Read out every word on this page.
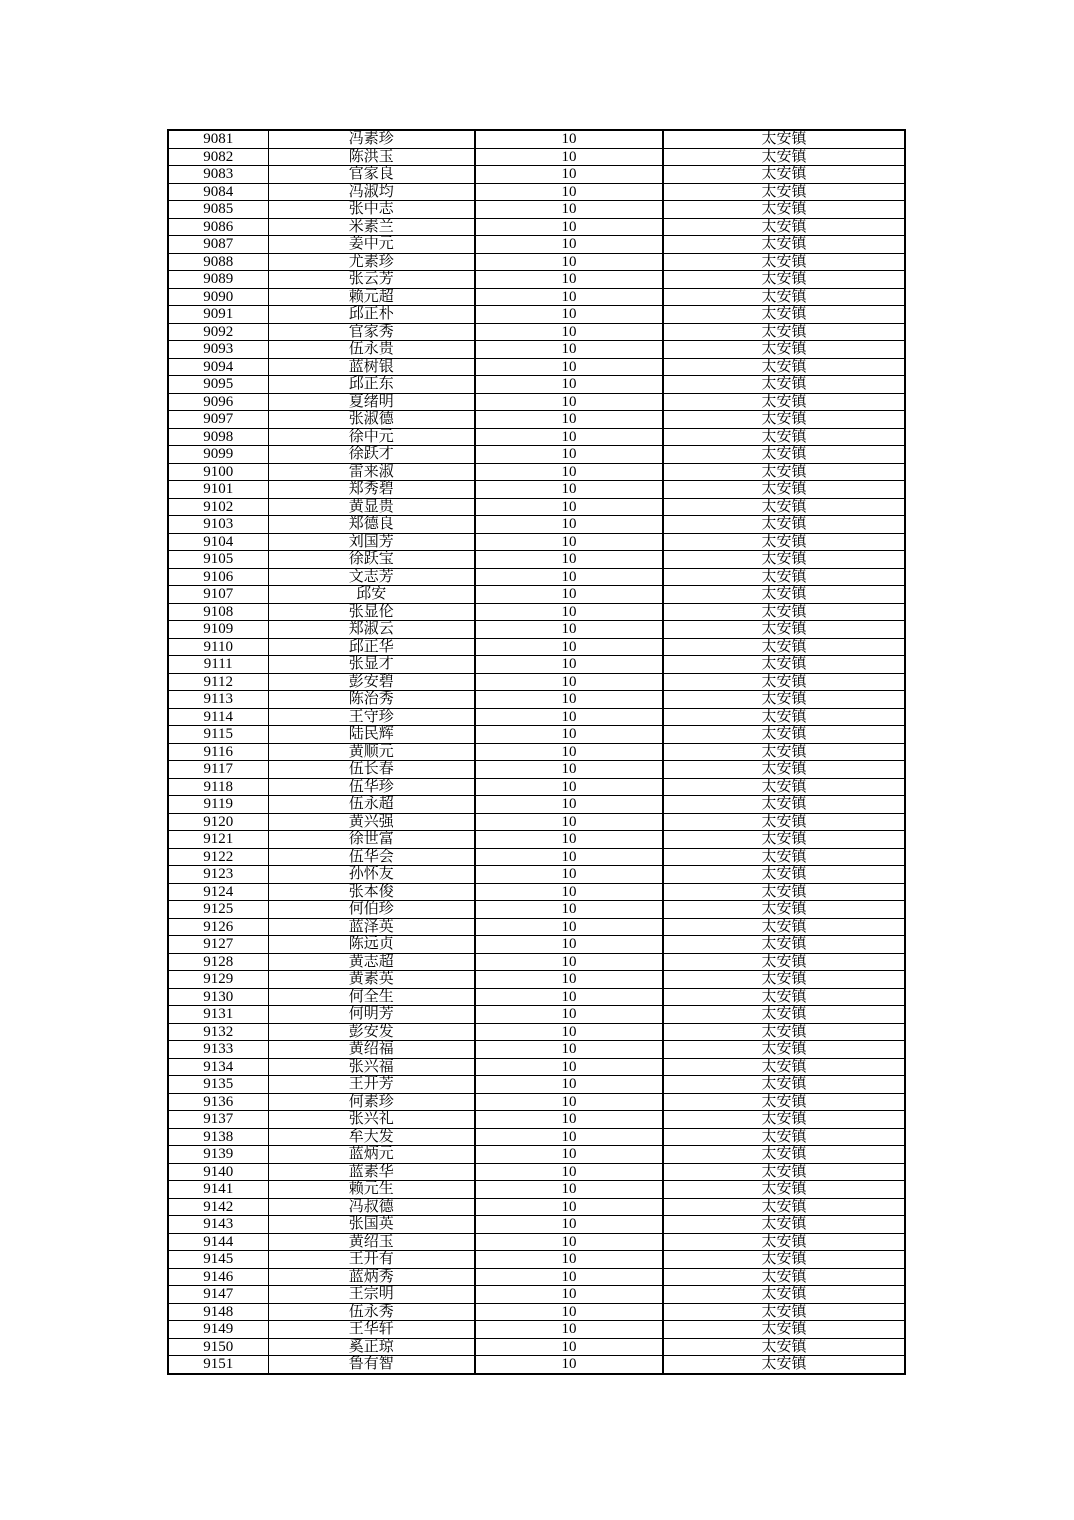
9081	冯素珍	10	太安镇
9082	陈洪玉	10	太安镇
9083	官家良	10	太安镇
9084	冯淑均	10	太安镇
9085	张中志	10	太安镇
9086	米素兰	10	太安镇
9087	姜中元	10	太安镇
9088	尤素珍	10	太安镇
9089	张云芳	10	太安镇
9090	赖元超	10	太安镇
9091	邱正朴	10	太安镇
9092	官家秀	10	太安镇
9093	伍永贵	10	太安镇
9094	蓝树银	10	太安镇
9095	邱正东	10	太安镇
9096	夏绪明	10	太安镇
9097	张淑德	10	太安镇
9098	徐中元	10	太安镇
9099	徐跃才	10	太安镇
9100	雷来淑	10	太安镇
9101	郑秀碧	10	太安镇
9102	黄显贵	10	太安镇
9103	郑德良	10	太安镇
9104	刘国芳	10	太安镇
9105	徐跃宝	10	太安镇
9106	文志芳	10	太安镇
9107	邱安	10	太安镇
9108	张显伦	10	太安镇
9109	郑淑云	10	太安镇
9110	邱正华	10	太安镇
9111	张显才	10	太安镇
9112	彭安碧	10	太安镇
9113	陈治秀	10	太安镇
9114	王守珍	10	太安镇
9115	陆民辉	10	太安镇
9116	黄顺元	10	太安镇
9117	伍长春	10	太安镇
9118	伍华珍	10	太安镇
9119	伍永超	10	太安镇
9120	黄兴强	10	太安镇
9121	徐世富	10	太安镇
9122	伍华会	10	太安镇
9123	孙怀友	10	太安镇
9124	张本俊	10	太安镇
9125	何伯珍	10	太安镇
9126	蓝泽英	10	太安镇
9127	陈远贞	10	太安镇
9128	黄志超	10	太安镇
9129	黄素英	10	太安镇
9130	何全生	10	太安镇
9131	何明芳	10	太安镇
9132	彭安发	10	太安镇
9133	黄绍福	10	太安镇
9134	张兴福	10	太安镇
9135	王开芳	10	太安镇
9136	何素珍	10	太安镇
9137	张兴礼	10	太安镇
9138	牟大发	10	太安镇
9139	蓝炳元	10	太安镇
9140	蓝素华	10	太安镇
9141	赖元生	10	太安镇
9142	冯叔德	10	太安镇
9143	张国英	10	太安镇
9144	黄绍玉	10	太安镇
9145	王开有	10	太安镇
9146	蓝炳秀	10	太安镇
9147	王宗明	10	太安镇
9148	伍永秀	10	太安镇
9149	王华轩	10	太安镇
9150	奚正琼	10	太安镇
9151	鲁有智	10	太安镇
